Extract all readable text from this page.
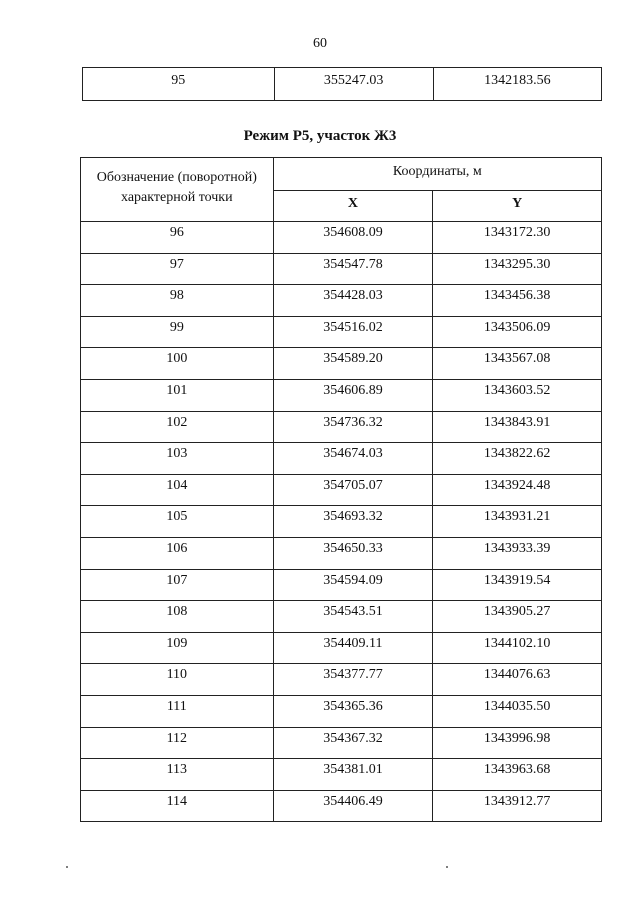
60
95	355247.03	1342183.56
Режим Р5, участок Ж3
Обозначение (поворотной) характерной точки	Координаты, м	
	X	Y
96	354608.09	1343172.30
97	354547.78	1343295.30
98	354428.03	1343456.38
99	354516.02	1343506.09
100	354589.20	1343567.08
101	354606.89	1343603.52
102	354736.32	1343843.91
103	354674.03	1343822.62
104	354705.07	1343924.48
105	354693.32	1343931.21
106	354650.33	1343933.39
107	354594.09	1343919.54
108	354543.51	1343905.27
109	354409.11	1344102.10
110	354377.77	1344076.63
111	354365.36	1344035.50
112	354367.32	1343996.98
113	354381.01	1343963.68
114	354406.49	1343912.77
